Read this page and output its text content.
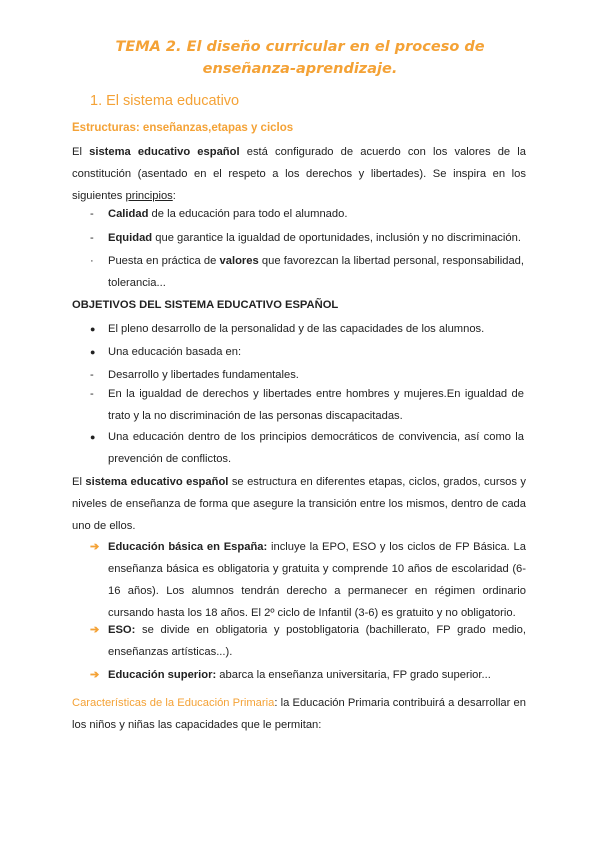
TEMA 2. El diseño curricular en el proceso de
enseñanza-aprendizaje.
1. El sistema educativo
Estructuras: enseñanzas,etapas y ciclos
El sistema educativo español está configurado de acuerdo con los valores de la constitución (asentado en el respeto a los derechos y libertades). Se inspira en los siguientes principios:
- Calidad de la educación para todo el alumnado.
- Equidad que garantice la igualdad de oportunidades, inclusión y no discriminación.
· Puesta en práctica de valores que favorezcan la libertad personal, responsabilidad, tolerancia...
OBJETIVOS DEL SISTEMA EDUCATIVO ESPAÑOL
● El pleno desarrollo de la personalidad y de las capacidades de los alumnos.
● Una educación basada en:
- Desarrollo y libertades fundamentales.
- En la igualdad de derechos y libertades entre hombres y mujeres.En igualdad de trato y la no discriminación de las personas discapacitadas.
● Una educación dentro de los principios democráticos de convivencia, así como la prevención de conflictos.
El sistema educativo español se estructura en diferentes etapas, ciclos, grados, cursos y niveles de enseñanza de forma que asegure la transición entre los mismos, dentro de cada uno de ellos.
➔ Educación básica en España: incluye la EPO, ESO y los ciclos de FP Básica. La enseñanza básica es obligatoria y gratuita y comprende 10 años de escolaridad (6-16 años). Los alumnos tendrán derecho a permanecer en régimen ordinario cursando hasta los 18 años. El 2º ciclo de Infantil (3-6) es gratuito y no obligatorio.
➔ ESO: se divide en obligatoria y postobligatoria (bachillerato, FP grado medio, enseñanzas artísticas...).
➔ Educación superior: abarca la enseñanza universitaria, FP grado superior...
Características de la Educación Primaria: la Educación Primaria contribuirá a desarrollar en los niños y niñas las capacidades que le permitan:
